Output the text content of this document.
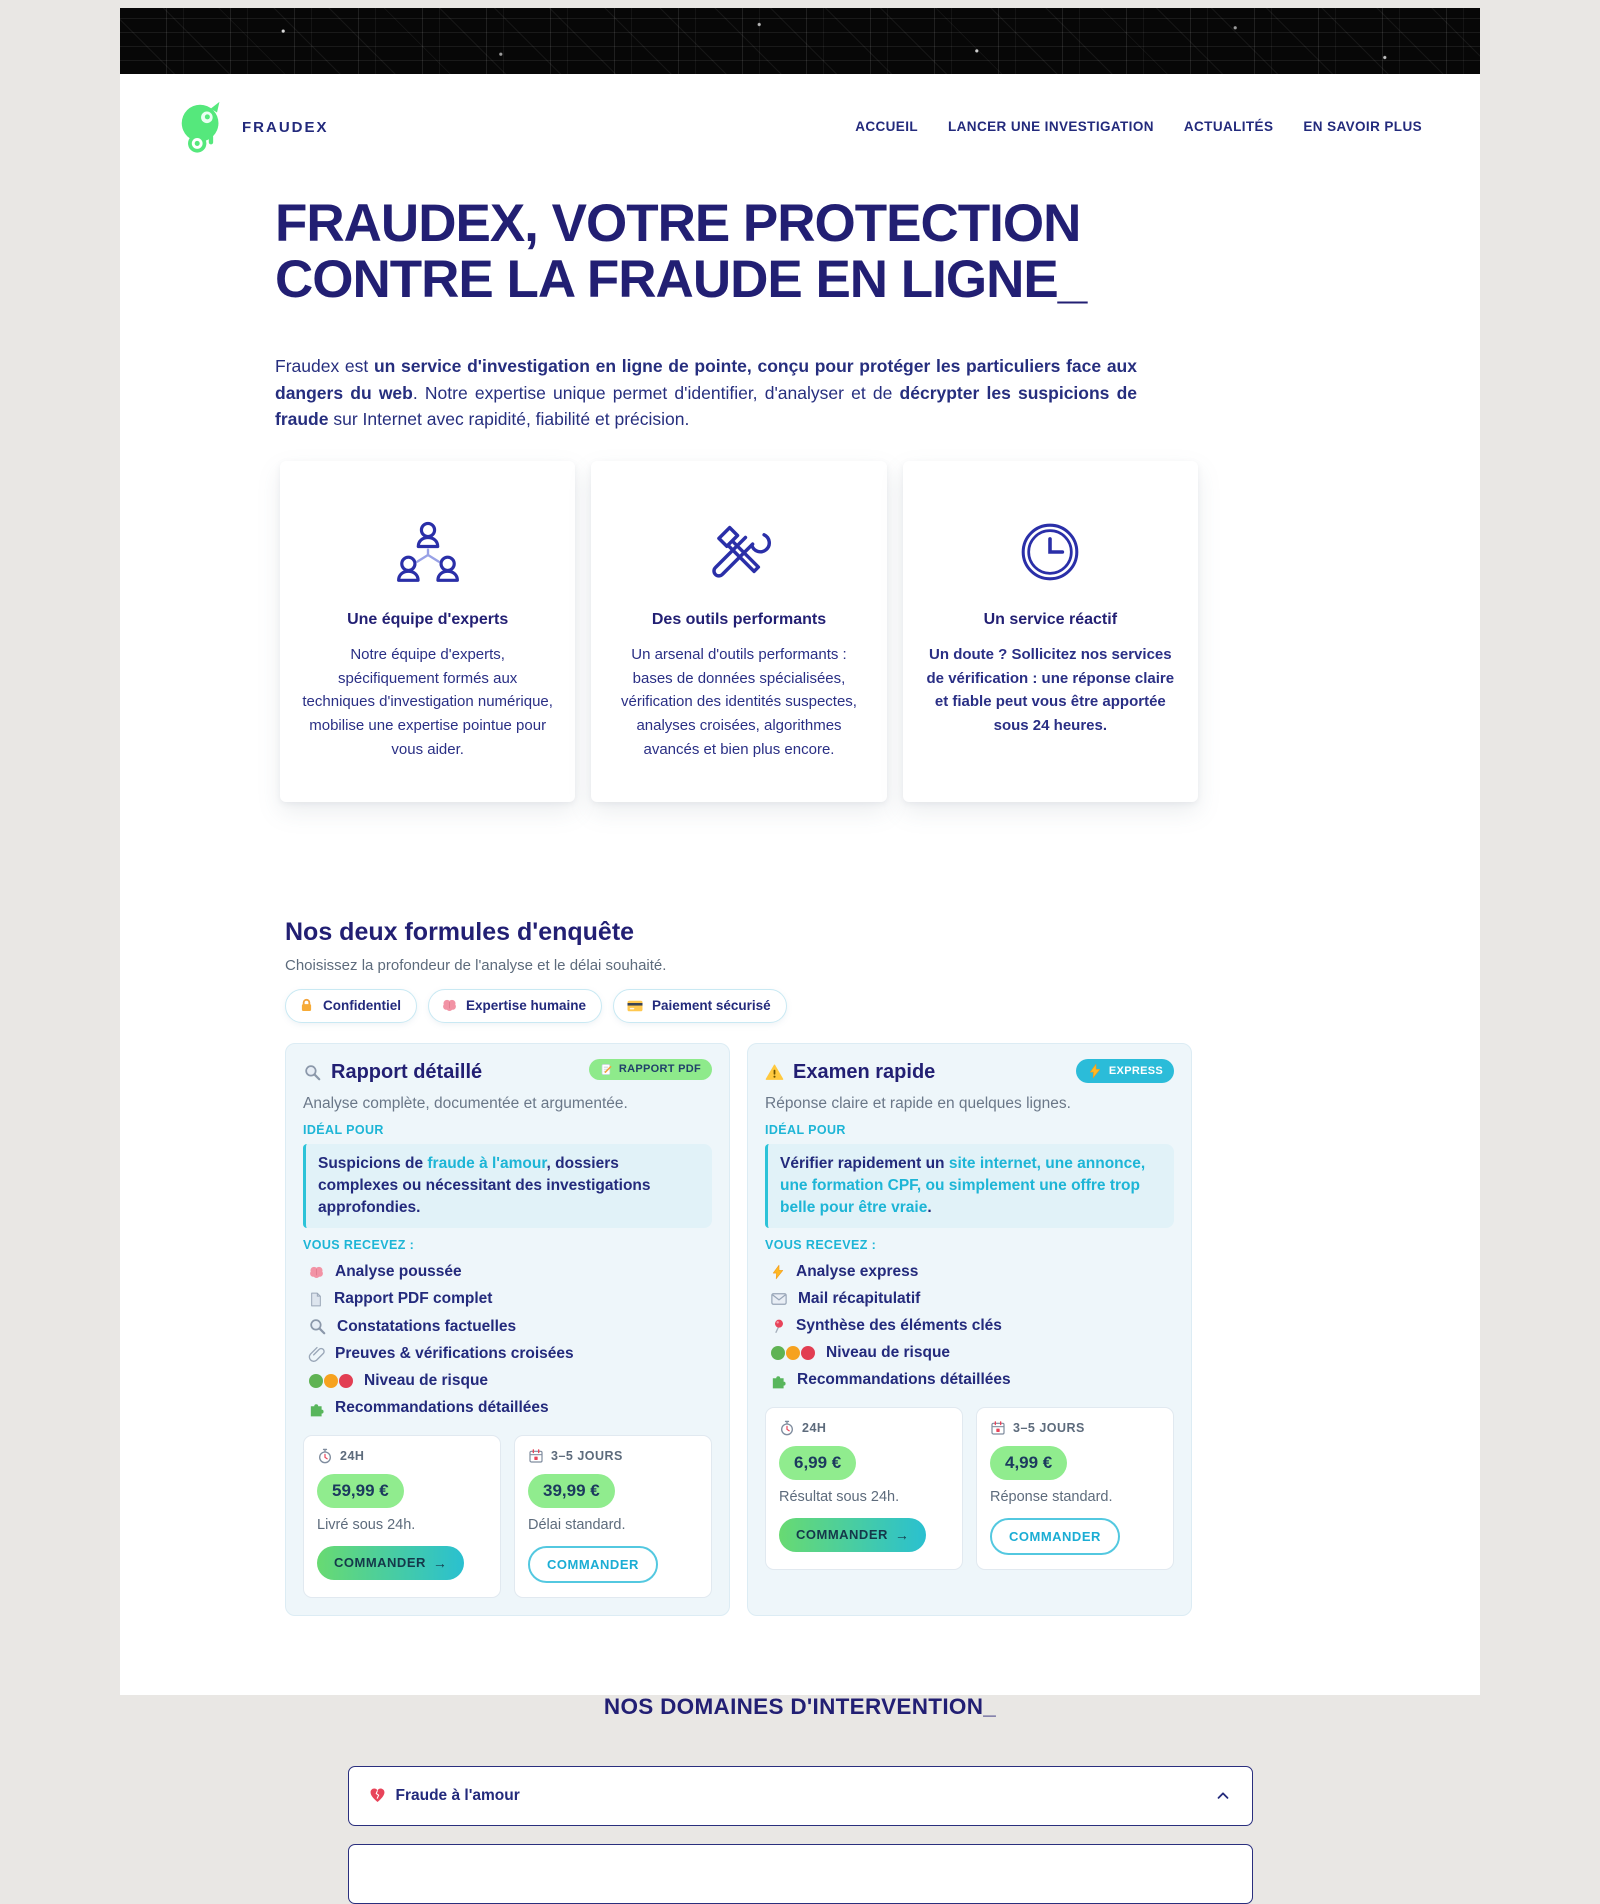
FRAUDEX	ACCUEIL LANCER UNE INVESTIGATION ACTUALITÉS EN SAVOIR PLUS
FRAUDEX, VOTRE PROTECTION
CONTRE LA FRAUDE EN LIGNE_

Fraudex est un service d'investigation en ligne de pointe, conçu pour protéger les particuliers face aux dangers du web. Notre expertise unique permet d'identifier, d'analyser et de décrypter les suspicions de fraude sur Internet avec rapidité, fiabilité et précision.

Une équipe d'experts

Notre équipe d'experts, spécifiquement formés aux techniques d'investigation numérique, mobilise une expertise pointue pour vous aider.

Des outils performants

Un arsenal d'outils performants : bases de données spécialisées, vérification des identités suspectes, analyses croisées, algorithmes avancés et bien plus encore.

Un service réactif

Un doute ? Sollicitez nos services de vérification : une réponse claire et fiable peut vous être apportée sous 24 heures.

Nos deux formules d'enquête

Choisissez la profondeur de l'analyse et le délai souhaité.

Confidentiel	Expertise humaine	Paiement sécurisé
Rapport détaillé	RAPPORT PDF

Analyse complète, documentée et argumentée.

IDÉAL POUR
Suspicions de fraude à l'amour, dossiers complexes ou nécessitant des investigations approfondies.
VOUS RECEVEZ :
Analyse poussée
Rapport PDF complet
Constatations factuelles
Preuves & vérifications croisées
Niveau de risque
Recommandations détaillées
24H
59,99 €

Livré sous 24h.

COMMANDER →
3–5 JOURS
39,99 €

Délai standard.

COMMANDER
Examen rapide	EXPRESS

Réponse claire et rapide en quelques lignes.

IDÉAL POUR
Vérifier rapidement un site internet, une annonce, une formation CPF, ou simplement une offre trop belle pour être vraie.
VOUS RECEVEZ :
Analyse express
Mail récapitulatif
Synthèse des éléments clés
Niveau de risque
Recommandations détaillées
24H
6,99 €

Résultat sous 24h.

COMMANDER →
3–5 JOURS
4,99 €

Réponse standard.

COMMANDER
NOS DOMAINES D'INTERVENTION_
Fraude à l'amour
